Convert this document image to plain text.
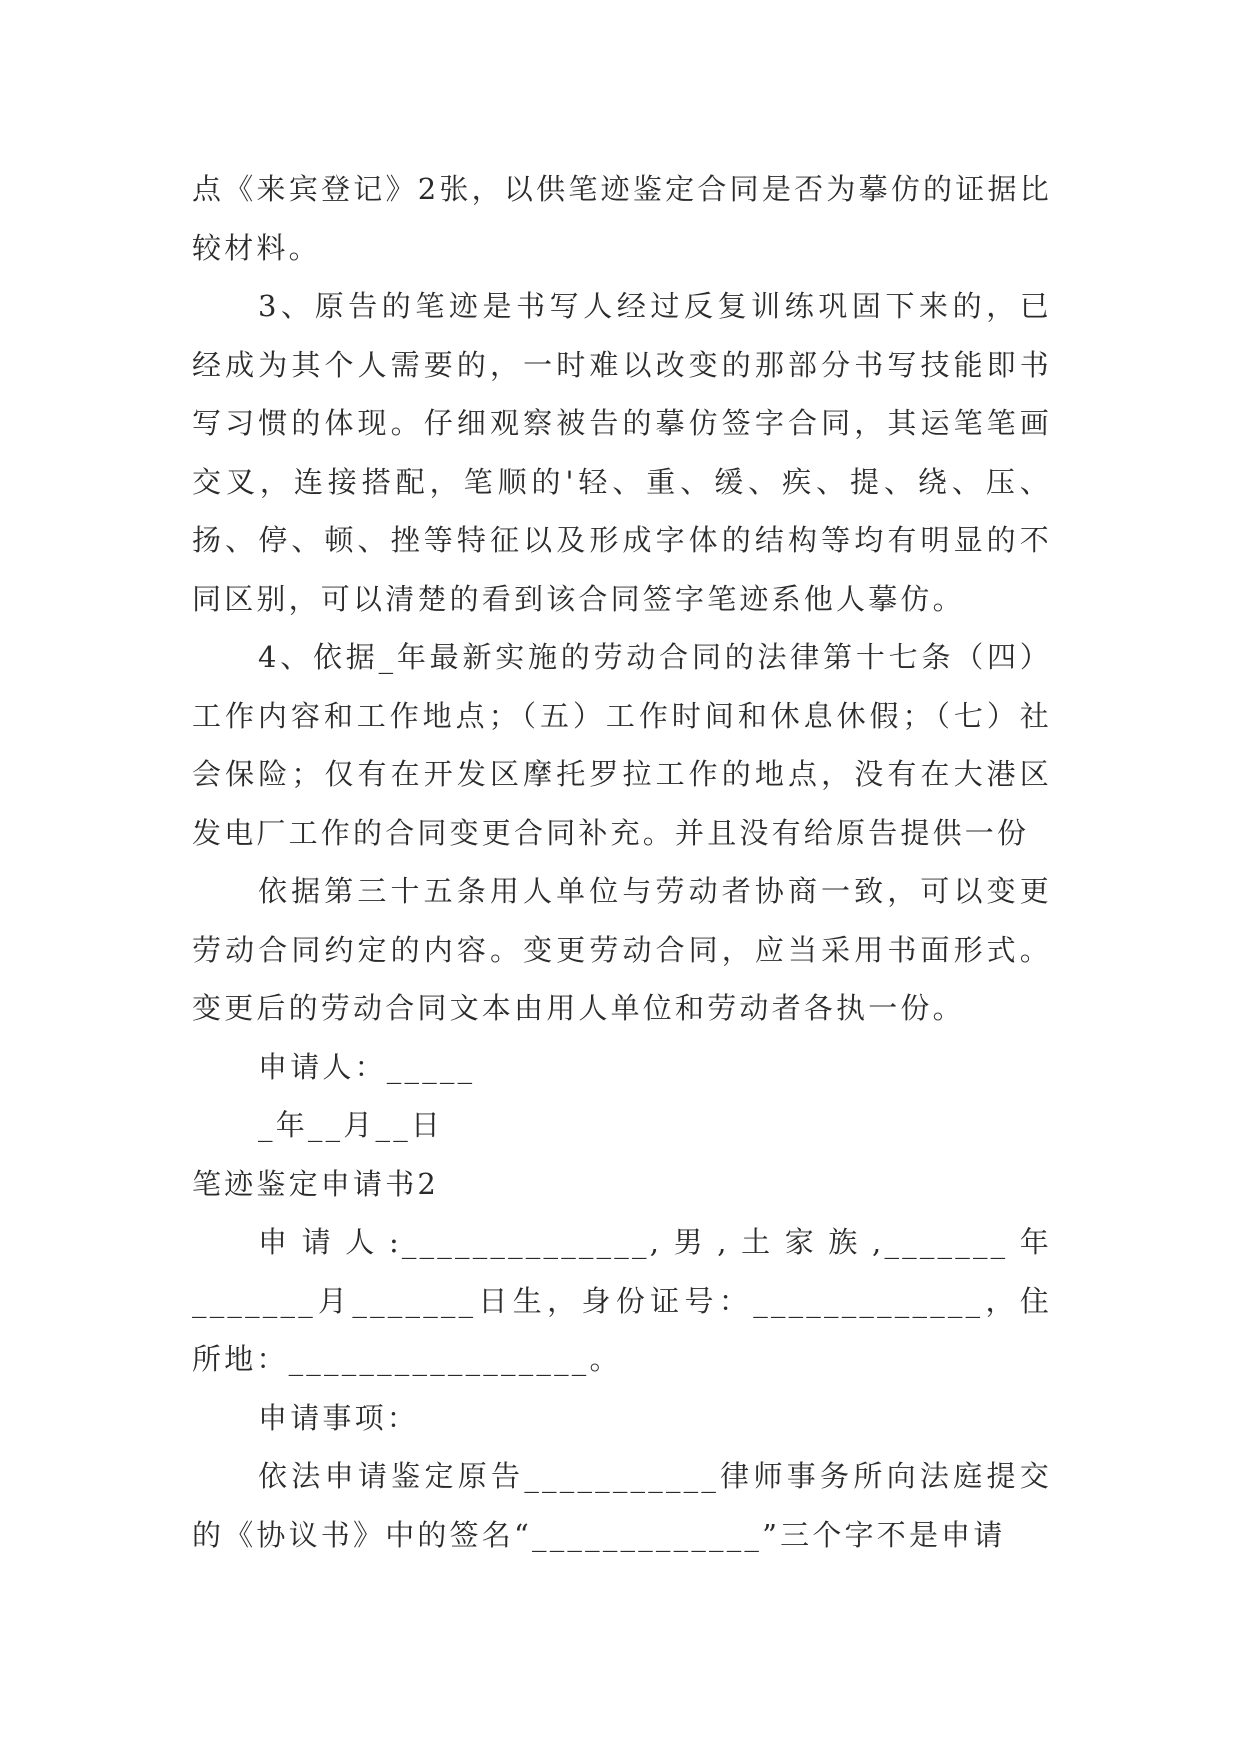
点《来宾登记》2张，以供笔迹鉴定合同是否为摹仿的证据比较材料。

3、原告的笔迹是书写人经过反复训练巩固下来的，已经成为其个人需要的，一时难以改变的那部分书写技能即书写习惯的体现。仔细观察被告的摹仿签字合同，其运笔笔画交叉，连接搭配，笔顺的'轻、重、缓、疾、提、绕、压、扬、停、顿、挫等特征以及形成字体的结构等均有明显的不同区别，可以清楚的看到该合同签字笔迹系他人摹仿。

4、依据_年最新实施的劳动合同的法律第十七条（四）工作内容和工作地点；（五）工作时间和休息休假；（七）社会保险；仅有在开发区摩托罗拉工作的地点，没有在大港区发电厂工作的合同变更合同补充。并且没有给原告提供一份

依据第三十五条用人单位与劳动者协商一致，可以变更劳动合同约定的内容。变更劳动合同，应当采用书面形式。变更后的劳动合同文本由用人单位和劳动者各执一份。

申请人：_____

_年__月__日

笔迹鉴定申请书2

申请人:______________,男,土家族,_______年_______月_______日生，身份证号：_____________，住所地：_________________。

申请事项：

依法申请鉴定原告___________律师事务所向法庭提交的《协议书》中的签名“_____________”三个字不是申请
